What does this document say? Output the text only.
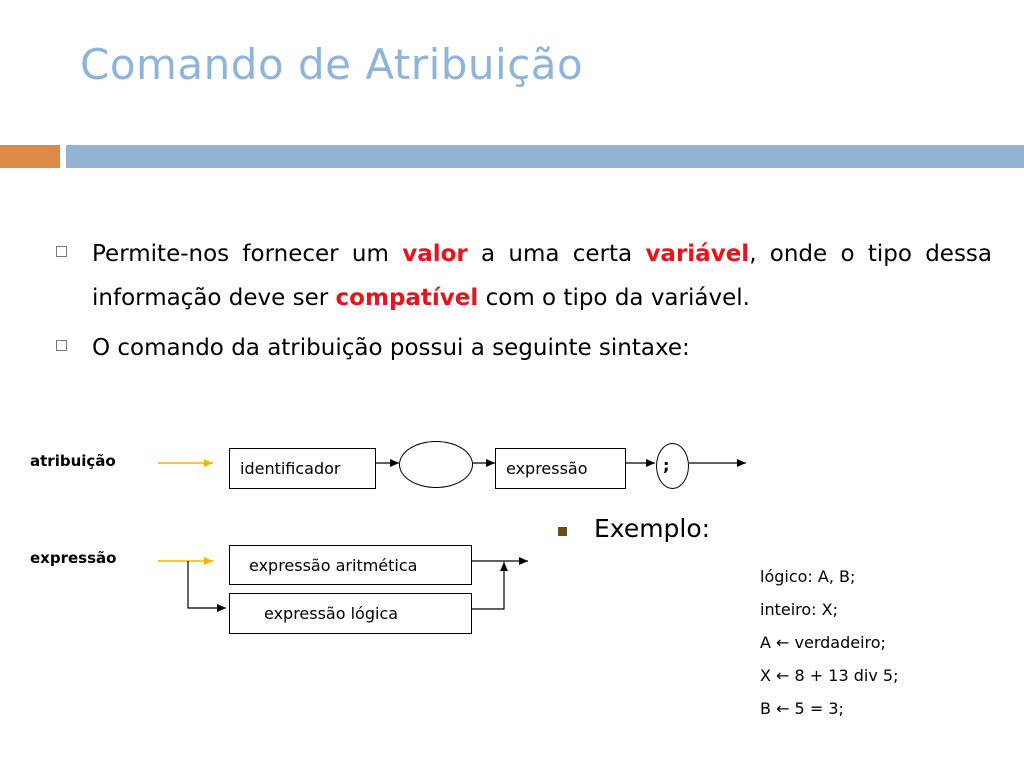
Comando de Atribuição
Permite-nos fornecer um valor a uma certa variável, onde o tipo dessa informação deve ser compatível com o tipo da variável.
O comando da atribuição possui a seguinte sintaxe:
atribuição
expressão
identificador	expressão	;
expressão aritmética
expressão lógica
Exemplo:
lógico: A, B;
inteiro: X;
A ← verdadeiro;
X ← 8 + 13 div 5;
B ← 5 = 3;
